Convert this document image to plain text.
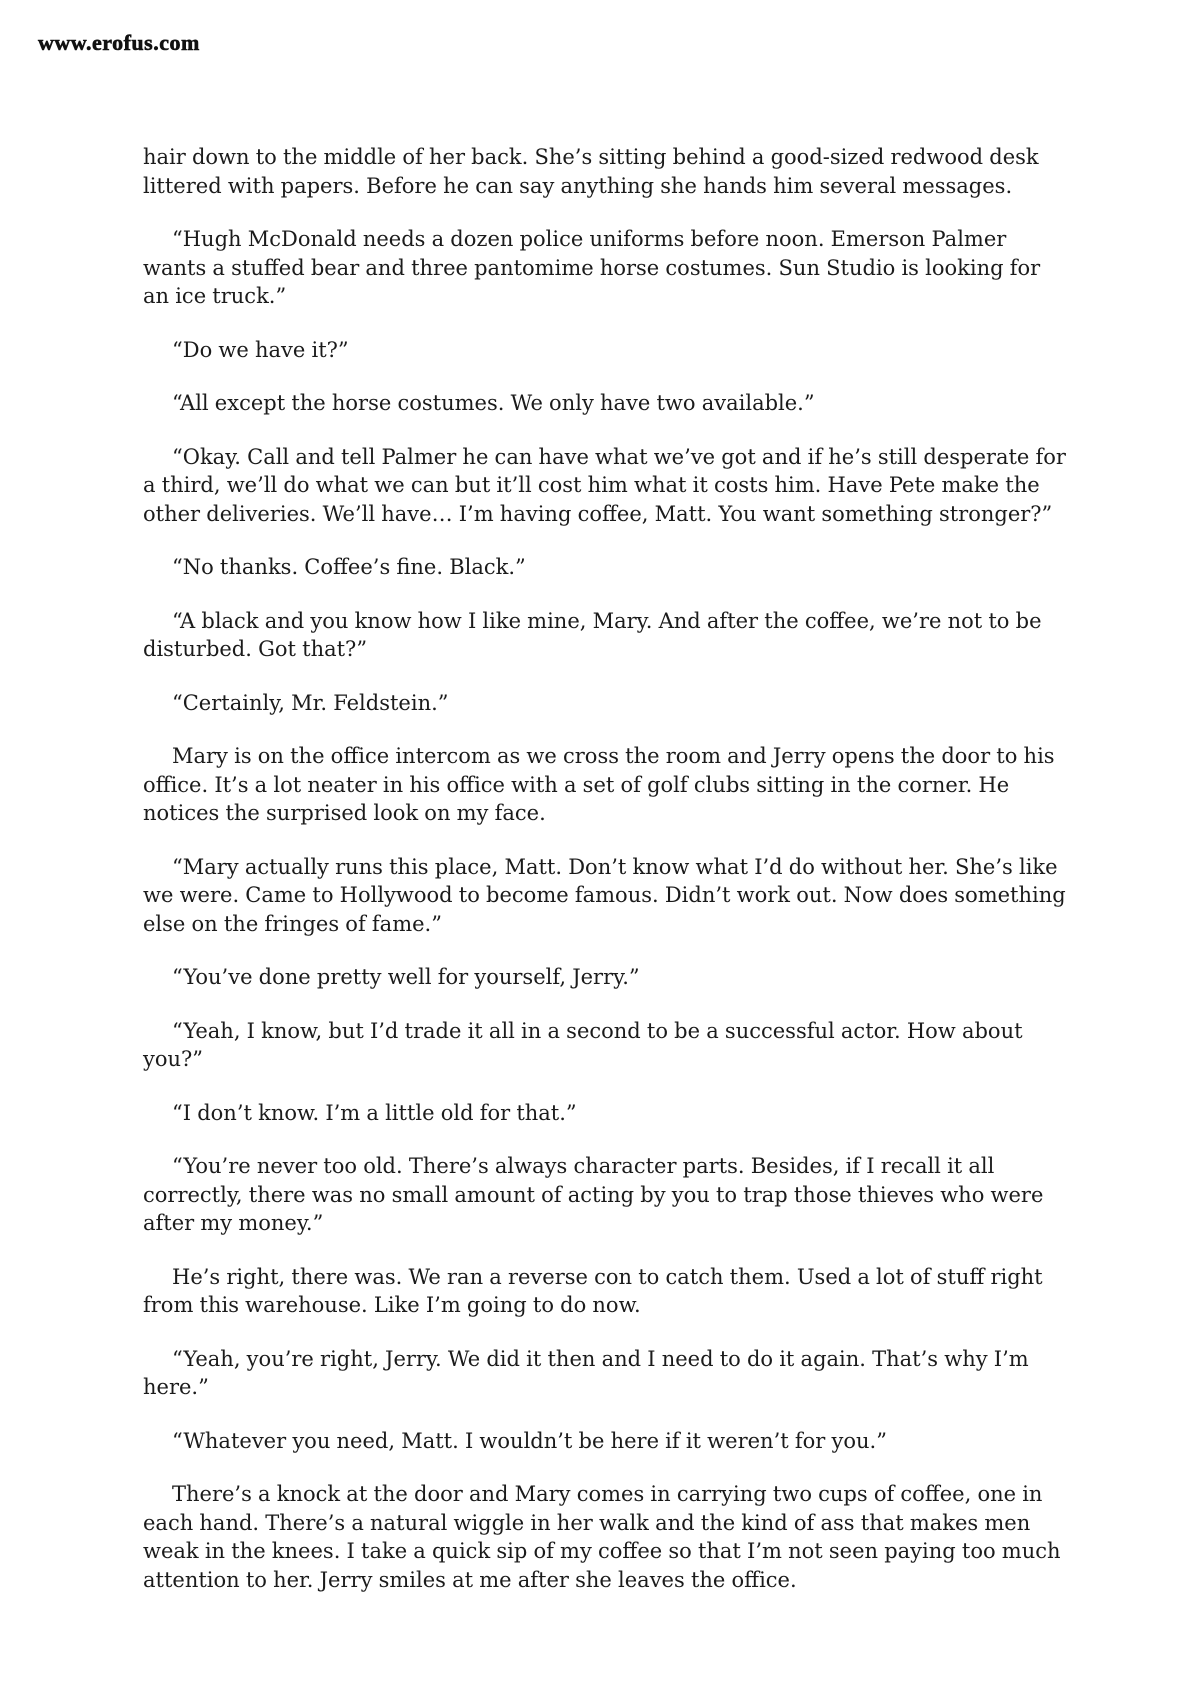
www.erofus.com

hair down to the middle of her back. She’s sitting behind a good-sized redwood desk littered with papers. Before he can say anything she hands him several messages.

“Hugh McDonald needs a dozen police uniforms before noon. Emerson Palmer wants a stuffed bear and three pantomime horse costumes. Sun Studio is looking for an ice truck.”

“Do we have it?”

“All except the horse costumes. We only have two available.”

“Okay. Call and tell Palmer he can have what we’ve got and if he’s still desperate for a third, we’ll do what we can but it’ll cost him what it costs him. Have Pete make the other deliveries. We’ll have… I’m having coffee, Matt. You want something stronger?”

“No thanks. Coffee’s fine. Black.”

“A black and you know how I like mine, Mary. And after the coffee, we’re not to be disturbed. Got that?”

“Certainly, Mr. Feldstein.”

Mary is on the office intercom as we cross the room and Jerry opens the door to his office. It’s a lot neater in his office with a set of golf clubs sitting in the corner. He notices the surprised look on my face.

“Mary actually runs this place, Matt. Don’t know what I’d do without her. She’s like we were. Came to Hollywood to become famous. Didn’t work out. Now does something else on the fringes of fame.”

“You’ve done pretty well for yourself, Jerry.”

“Yeah, I know, but I’d trade it all in a second to be a successful actor. How about you?”

“I don’t know. I’m a little old for that.”

“You’re never too old. There’s always character parts. Besides, if I recall it all correctly, there was no small amount of acting by you to trap those thieves who were after my money.”

He’s right, there was. We ran a reverse con to catch them. Used a lot of stuff right from this warehouse. Like I’m going to do now.

“Yeah, you’re right, Jerry. We did it then and I need to do it again. That’s why I’m here.”

“Whatever you need, Matt. I wouldn’t be here if it weren’t for you.”

There’s a knock at the door and Mary comes in carrying two cups of coffee, one in each hand. There’s a natural wiggle in her walk and the kind of ass that makes men weak in the knees. I take a quick sip of my coffee so that I’m not seen paying too much attention to her. Jerry smiles at me after she leaves the office.
